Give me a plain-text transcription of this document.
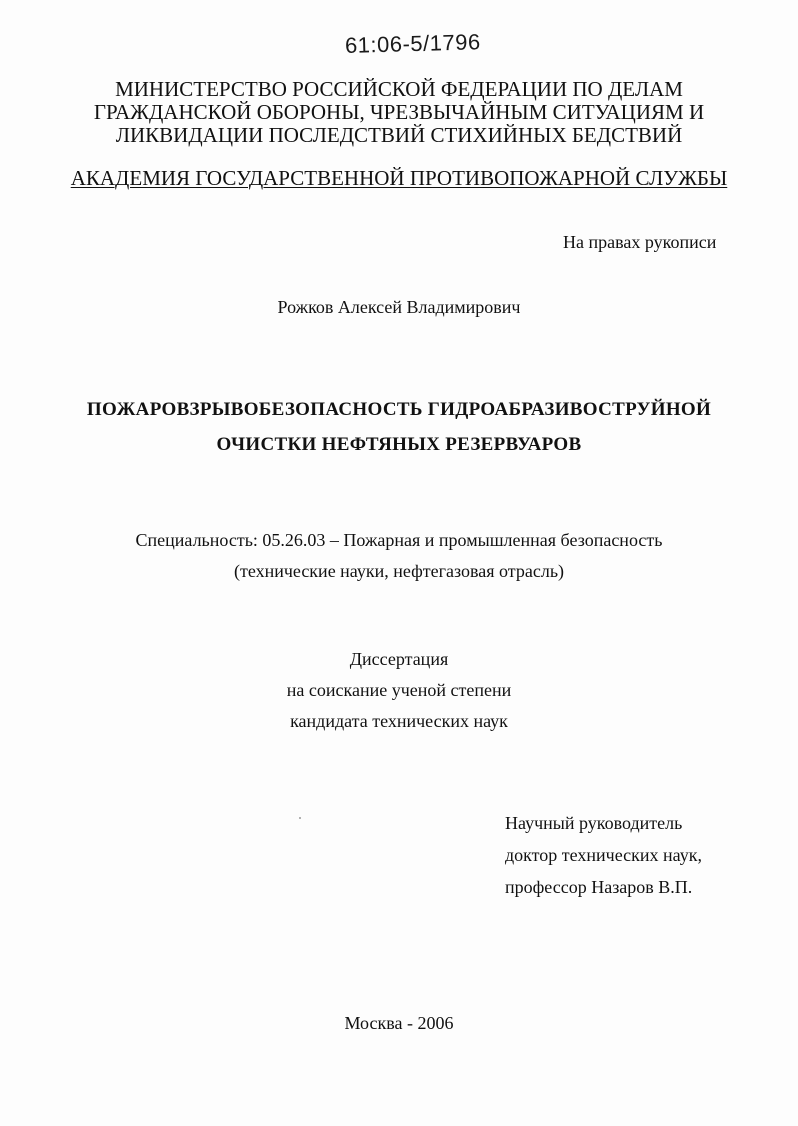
61:06-5/1796
МИНИСТЕРСТВО РОССИЙСКОЙ ФЕДЕРАЦИИ ПО ДЕЛАМ
ГРАЖДАНСКОЙ ОБОРОНЫ, ЧРЕЗВЫЧАЙНЫМ СИТУАЦИЯМ И
ЛИКВИДАЦИИ ПОСЛЕДСТВИЙ СТИХИЙНЫХ БЕДСТВИЙ
АКАДЕМИЯ ГОСУДАРСТВЕННОЙ ПРОТИВОПОЖАРНОЙ СЛУЖБЫ
На правах рукописи
Рожков Алексей Владимирович
ПОЖАРОВЗРЫВОБЕЗОПАСНОСТЬ ГИДРОАБРАЗИВОСТРУЙНОЙ
ОЧИСТКИ НЕФТЯНЫХ РЕЗЕРВУАРОВ
Специальность: 05.26.03 – Пожарная и промышленная безопасность
(технические науки, нефтегазовая отрасль)
Диссертация
на соискание ученой степени
кандидата технических наук
Научный руководитель
доктор технических наук,
профессор Назаров В.П.
Москва - 2006
